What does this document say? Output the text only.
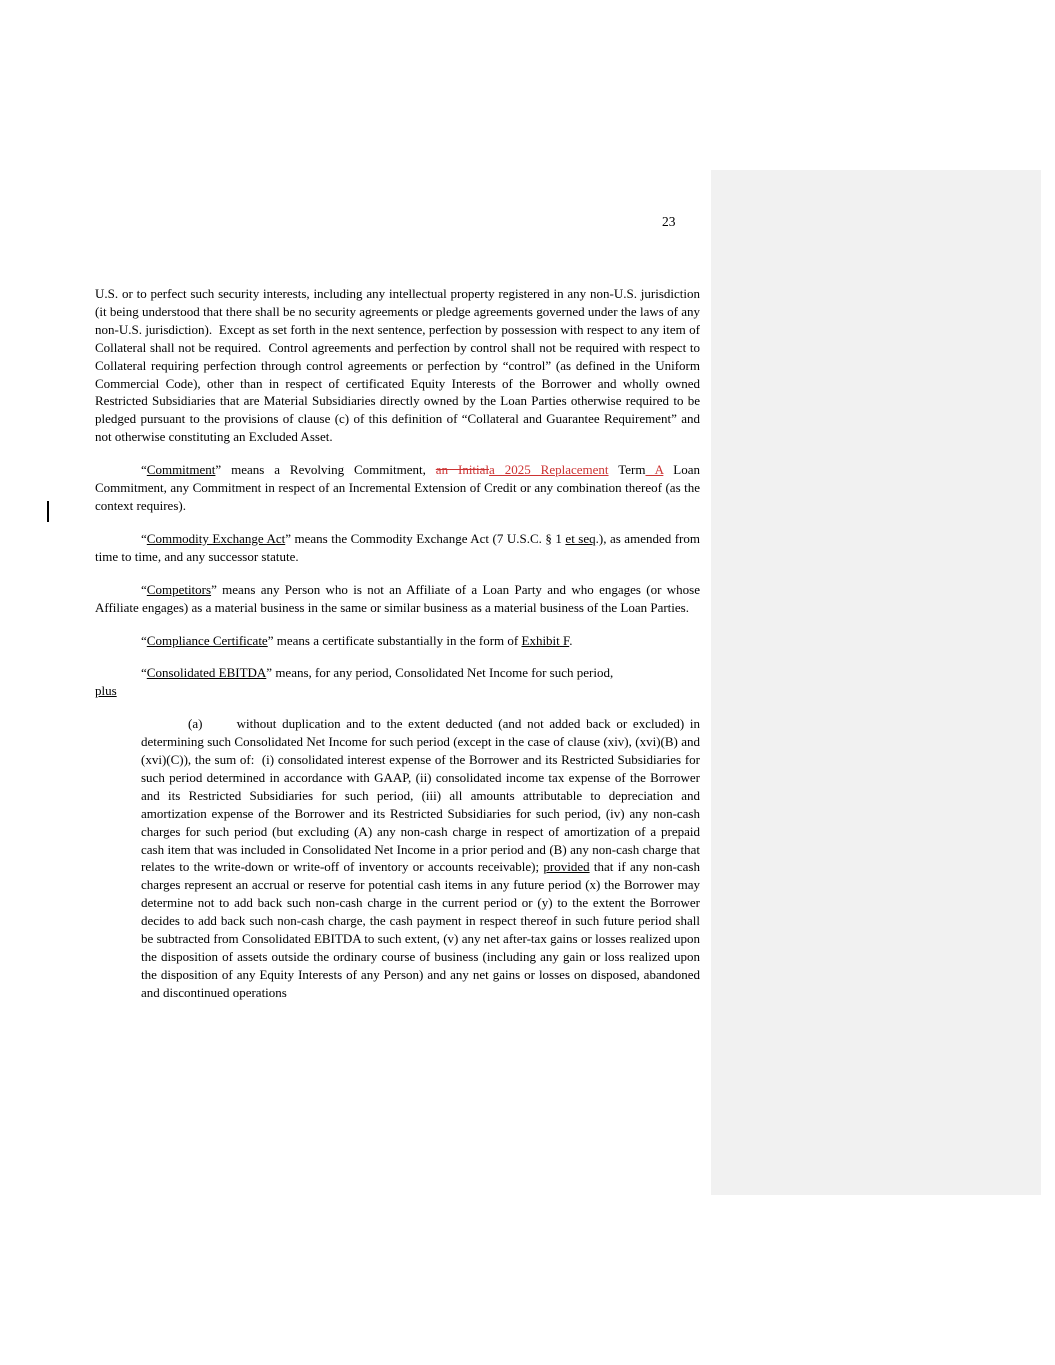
23

U.S. or to perfect such security interests, including any intellectual property registered in any non-U.S. jurisdiction (it being understood that there shall be no security agreements or pledge agreements governed under the laws of any non-U.S. jurisdiction).  Except as set forth in the next sentence, perfection by possession with respect to any item of Collateral shall not be required.  Control agreements and perfection by control shall not be required with respect to Collateral requiring perfection through control agreements or perfection by “control” (as defined in the Uniform Commercial Code), other than in respect of certificated Equity Interests of the Borrower and wholly owned Restricted Subsidiaries that are Material Subsidiaries directly owned by the Loan Parties otherwise required to be pledged pursuant to the provisions of clause (c) of this definition of “Collateral and Guarantee Requirement” and not otherwise constituting an Excluded Asset.

“Commitment” means a Revolving Commitment, an Initiala 2025 Replacement Term A Loan Commitment, any Commitment in respect of an Incremental Extension of Credit or any combination thereof (as the context requires).

“Commodity Exchange Act” means the Commodity Exchange Act (7 U.S.C. § 1 et seq.), as amended from time to time, and any successor statute.

“Competitors” means any Person who is not an Affiliate of a Loan Party and who engages (or whose Affiliate engages) as a material business in the same or similar business as a material business of the Loan Parties.

“Compliance Certificate” means a certificate substantially in the form of Exhibit F.

“Consolidated EBITDA” means, for any period, Consolidated Net Income for such period,
plus

(a)      without duplication and to the extent deducted (and not added back or excluded) in determining such Consolidated Net Income for such period (except in the case of clause (xiv), (xvi)(B) and (xvi)(C)), the sum of:  (i) consolidated interest expense of the Borrower and its Restricted Subsidiaries for such period determined in accordance with GAAP, (ii) consolidated income tax expense of the Borrower and its Restricted Subsidiaries for such period, (iii) all amounts attributable to depreciation and amortization expense of the Borrower and its Restricted Subsidiaries for such period, (iv) any non-cash charges for such period (but excluding (A) any non-cash charge in respect of amortization of a prepaid cash item that was included in Consolidated Net Income in a prior period and (B) any non-cash charge that relates to the write-down or write-off of inventory or accounts receivable); provided that if any non-cash charges represent an accrual or reserve for potential cash items in any future period (x) the Borrower may determine not to add back such non-cash charge in the current period or (y) to the extent the Borrower decides to add back such non-cash charge, the cash payment in respect thereof in such future period shall be subtracted from Consolidated EBITDA to such extent, (v) any net after-tax gains or losses realized upon the disposition of assets outside the ordinary course of business (including any gain or loss realized upon the disposition of any Equity Interests of any Person) and any net gains or losses on disposed, abandoned and discontinued operations
